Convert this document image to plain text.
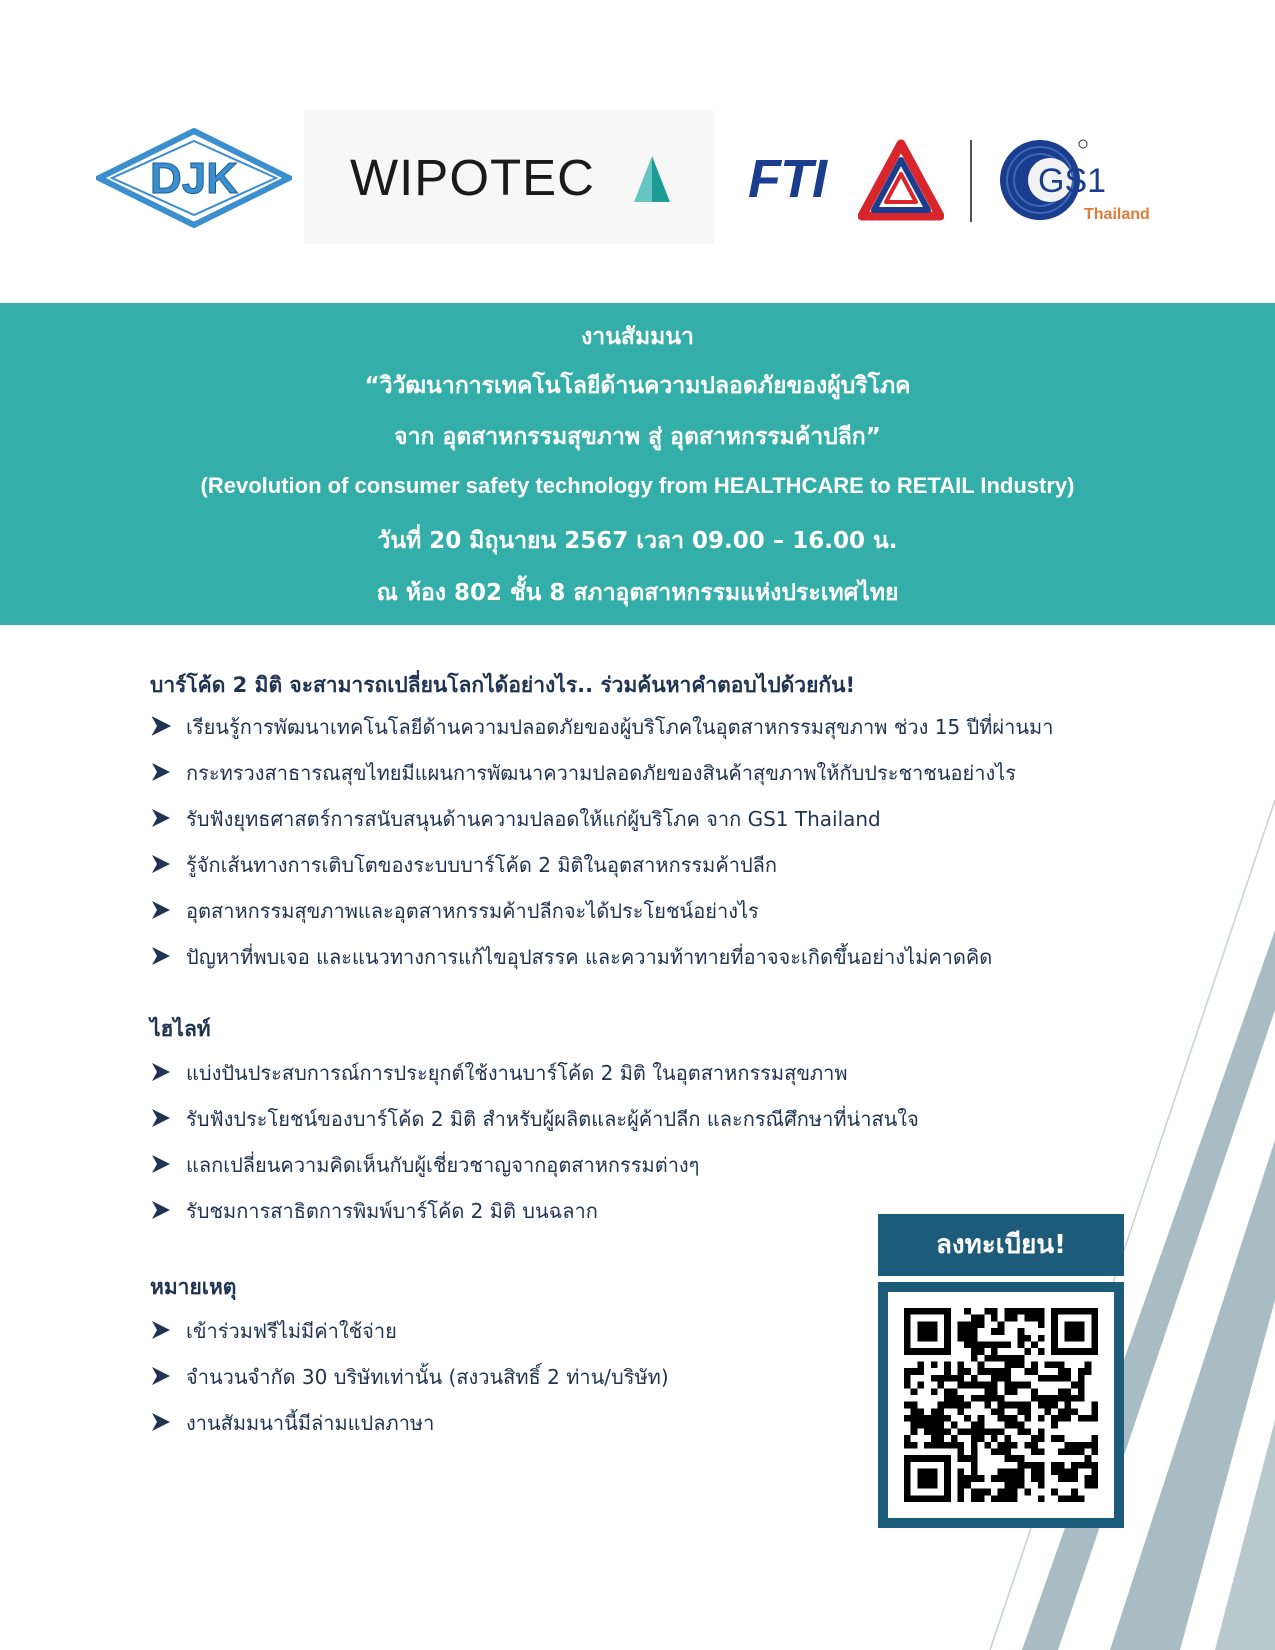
DJK WIPOTEC	FTI	GS1
Thailand
งานสัมมนา
“วิวัฒนาการเทคโนโลยีด้านความปลอดภัยของผู้บริโภค
จาก อุตสาหกรรมสุขภาพ สู่ อุตสาหกรรมค้าปลีก”
(Revolution of consumer safety technology from HEALTHCARE to RETAIL Industry)
วันที่ 20 มิถุนายน 2567 เวลา 09.00 – 16.00 น.
ณ ห้อง 802 ชั้น 8 สภาอุตสาหกรรมแห่งประเทศไทย
บาร์โค้ด 2 มิติ จะสามารถเปลี่ยนโลกได้อย่างไร.. ร่วมค้นหาคำตอบไปด้วยกัน!
เรียนรู้การพัฒนาเทคโนโลยีด้านความปลอดภัยของผู้บริโภคในอุตสาหกรรมสุขภาพ ช่วง 15 ปีที่ผ่านมา
กระทรวงสาธารณสุขไทยมีแผนการพัฒนาความปลอดภัยของสินค้าสุขภาพให้กับประชาชนอย่างไร
รับฟังยุทธศาสตร์การสนับสนุนด้านความปลอดให้แก่ผู้บริโภค จาก GS1 Thailand
รู้จักเส้นทางการเติบโตของระบบบาร์โค้ด 2 มิติในอุตสาหกรรมค้าปลีก
อุตสาหกรรมสุขภาพและอุตสาหกรรมค้าปลีกจะได้ประโยชน์อย่างไร
ปัญหาที่พบเจอ และแนวทางการแก้ไขอุปสรรค และความท้าทายที่อาจจะเกิดขึ้นอย่างไม่คาดคิด
ไฮไลท์
แบ่งปันประสบการณ์การประยุกต์ใช้งานบาร์โค้ด 2 มิติ ในอุตสาหกรรมสุขภาพ
รับฟังประโยชน์ของบาร์โค้ด 2 มิติ สำหรับผู้ผลิตและผู้ค้าปลีก และกรณีศึกษาที่น่าสนใจ
แลกเปลี่ยนความคิดเห็นกับผู้เชี่ยวชาญจากอุตสาหกรรมต่างๆ
รับชมการสาธิตการพิมพ์บาร์โค้ด 2 มิติ บนฉลาก
หมายเหตุ
เข้าร่วมฟรีไม่มีค่าใช้จ่าย
จำนวนจำกัด 30 บริษัทเท่านั้น (สงวนสิทธิ์ 2 ท่าน/บริษัท)
งานสัมมนานี้มีล่ามแปลภาษา
ลงทะเบียน!
